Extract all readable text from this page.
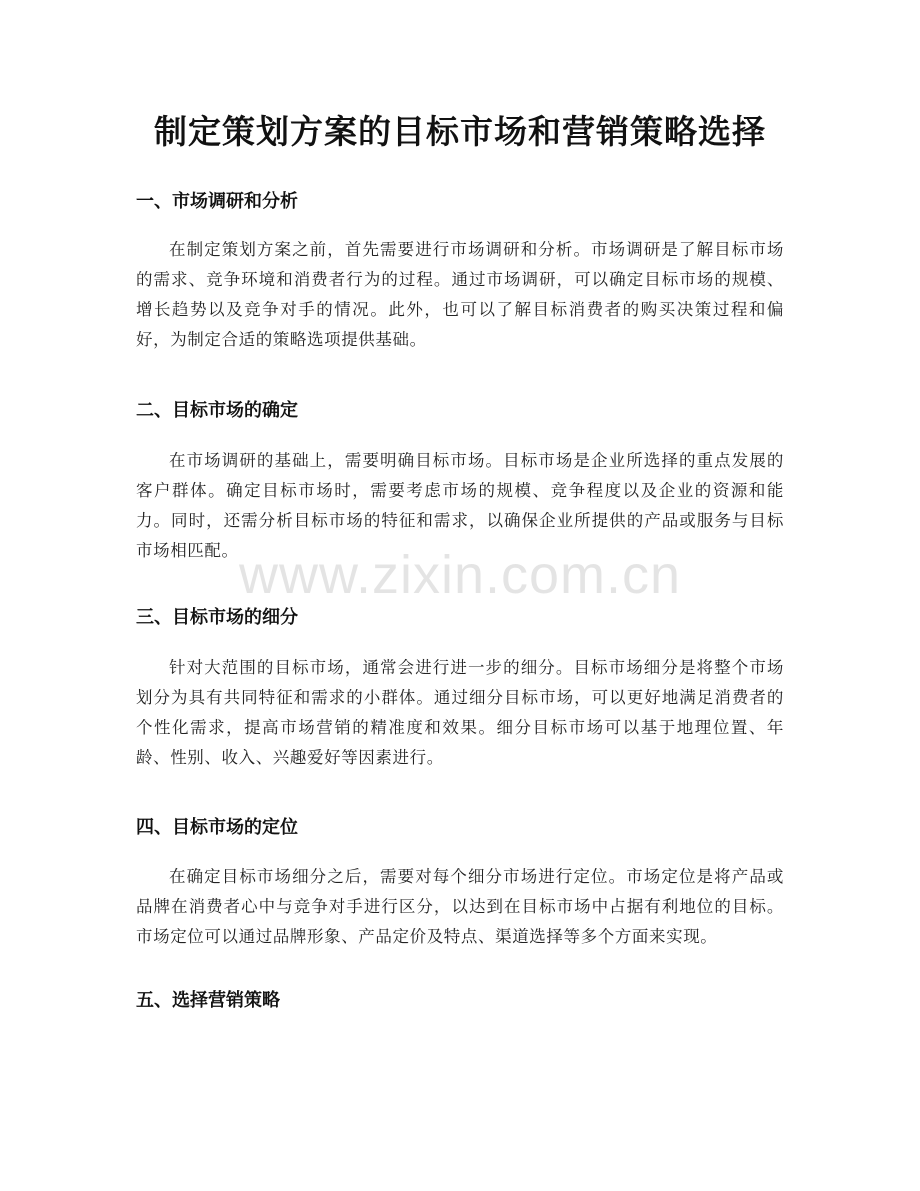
制定策划方案的目标市场和营销策略选择
一、市场调研和分析

在制定策划方案之前，首先需要进行市场调研和分析。市场调研是了解目标市场的需求、竞争环境和消费者行为的过程。通过市场调研，可以确定目标市场的规模、增长趋势以及竞争对手的情况。此外，也可以了解目标消费者的购买决策过程和偏好，为制定合适的策略选项提供基础。

二、目标市场的确定

在市场调研的基础上，需要明确目标市场。目标市场是企业所选择的重点发展的客户群体。确定目标市场时，需要考虑市场的规模、竞争程度以及企业的资源和能力。同时，还需分析目标市场的特征和需求，以确保企业所提供的产品或服务与目标市场相匹配。

三、目标市场的细分

针对大范围的目标市场，通常会进行进一步的细分。目标市场细分是将整个市场划分为具有共同特征和需求的小群体。通过细分目标市场，可以更好地满足消费者的个性化需求，提高市场营销的精准度和效果。细分目标市场可以基于地理位置、年龄、性别、收入、兴趣爱好等因素进行。

四、目标市场的定位

在确定目标市场细分之后，需要对每个细分市场进行定位。市场定位是将产品或品牌在消费者心中与竞争对手进行区分，以达到在目标市场中占据有利地位的目标。市场定位可以通过品牌形象、产品定价及特点、渠道选择等多个方面来实现。

五、选择营销策略
www.zixin.com.cn
